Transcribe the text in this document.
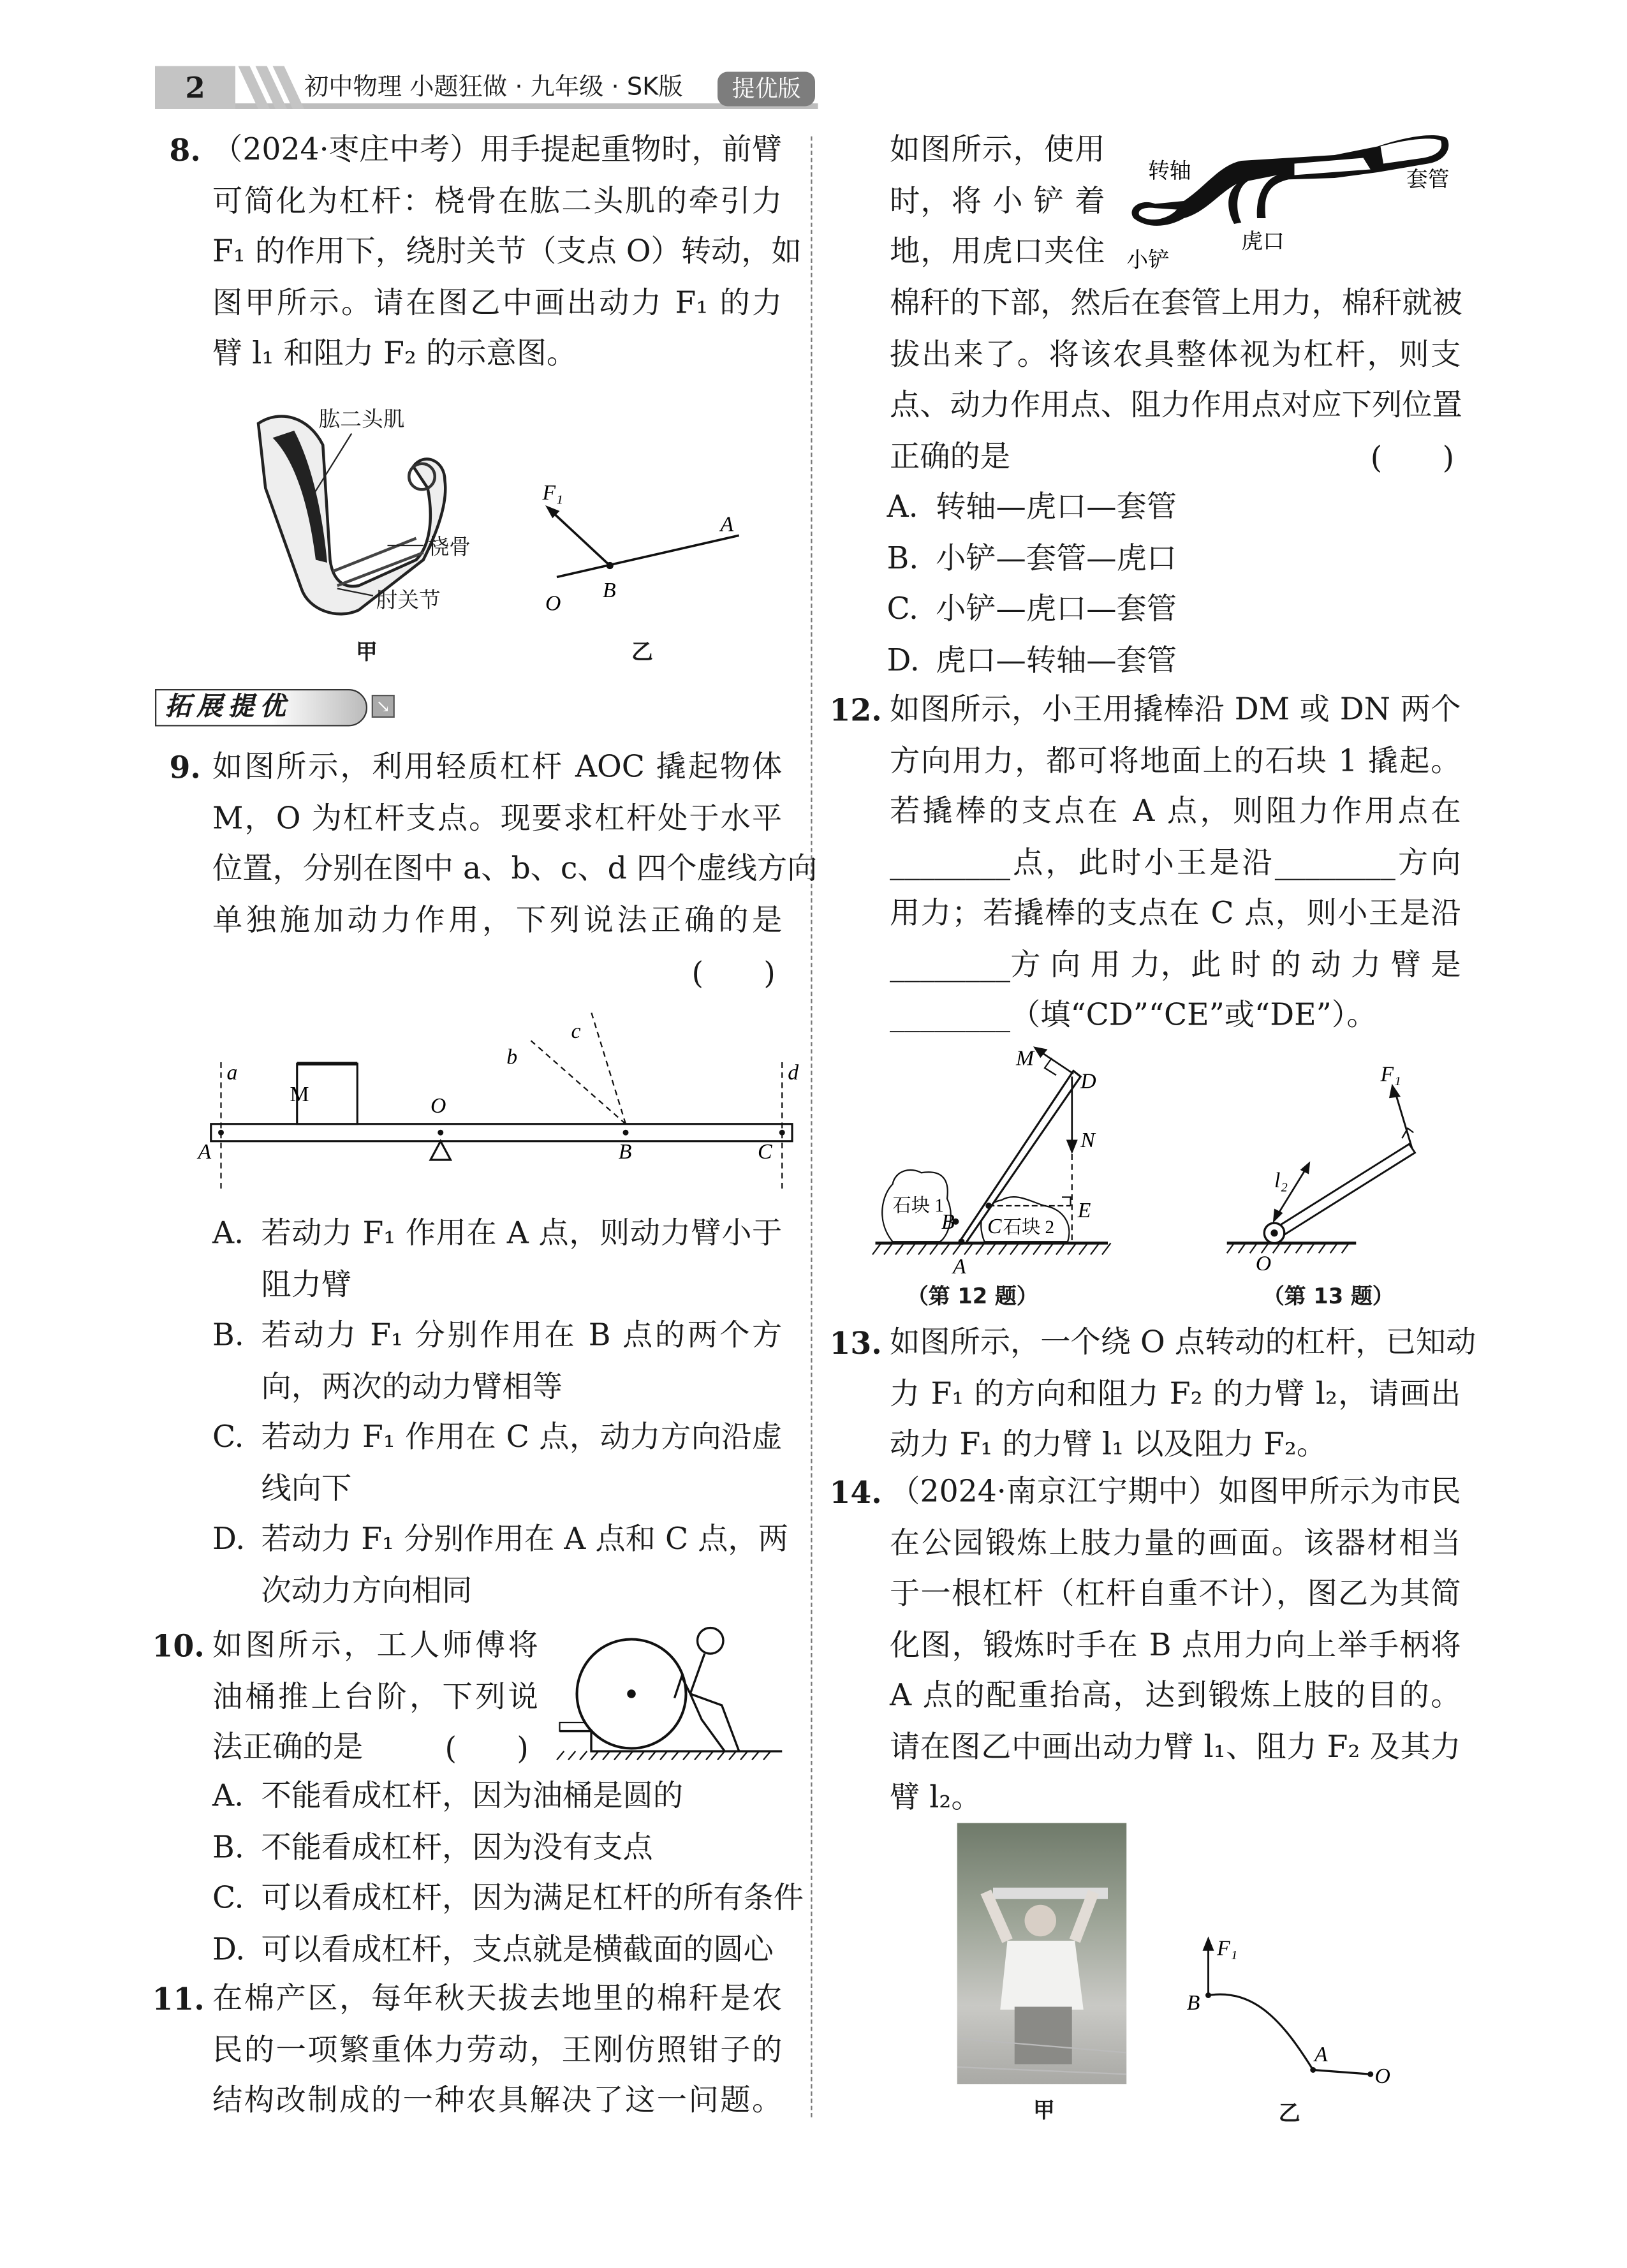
2	初中物理 小题狂做 · 九年级 · SK版	提优版
8. （2024·枣庄中考）用手提起重物时，前臂
可简化为杠杆：桡骨在肱二头肌的牵引力
F₁ 的作用下，绕肘关节（支点 O）转动，如
图甲所示。请在图乙中画出动力 F₁ 的力
臂 l₁ 和阻力 F₂ 的示意图。
肱二头肌
桡骨
肘关节
甲
F₁
A
B
O
乙
拓展提优	↘
9. 如图所示，利用轻质杠杆 AOC 撬起物体
M，O 为杠杆支点。现要求杠杆处于水平
位置，分别在图中 a、b、c、d 四个虚线方向
单独施加动力作用，下列说法正确的是
(　　)
M	O
A	B	C
a	d
b
c
A. 若动力 F₁ 作用在 A 点，则动力臂小于
阻力臂
B. 若动力 F₁ 分别作用在 B 点的两个方
向，两次的动力臂相等
C. 若动力 F₁ 作用在 C 点，动力方向沿虚
线向下
D. 若动力 F₁ 分别作用在 A 点和 C 点，两
次动力方向相同
10. 如图所示，工人师傅将
油桶推上台阶，下列说
法正确的是	(　　)
A. 不能看成杠杆，因为油桶是圆的
B. 不能看成杠杆，因为没有支点
C. 可以看成杠杆，因为满足杠杆的所有条件
D. 可以看成杠杆，支点就是横截面的圆心
11. 在棉产区，每年秋天拔去地里的棉秆是农
民的一项繁重体力劳动，王刚仿照钳子的
结构改制成的一种农具解决了这一问题。
如图所示，使用
时，将 小 铲 着
地，用虎口夹住
棉秆的下部，然后在套管上用力，棉秆就被
拔出来了。将该农具整体视为杠杆，则支
点、动力作用点、阻力作用点对应下列位置
正确的是	(　　)
转轴	套管
虎口
小铲
A. 转轴—虎口—套管
B. 小铲—套管—虎口
C. 小铲—虎口—套管
D. 虎口—转轴—套管
12. 如图所示，小王用撬棒沿 DM 或 DN 两个
方向用力，都可将地面上的石块 1 撬起。
若撬棒的支点在 A 点，则阻力作用点在
________点，此时小王是沿________方向
用力；若撬棒的支点在 C 点，则小王是沿
________方 向 用 力，此 时 的 动 力 臂 是
________（填“CD”“CE”或“DE”）。
M
D
N
E
A
B	C
石块 1
石块 2
（第 12 题）
F₁
l₂
O
（第 13 题）
13. 如图所示，一个绕 O 点转动的杠杆，已知动
力 F₁ 的方向和阻力 F₂ 的力臂 l₂，请画出
动力 F₁ 的力臂 l₁ 以及阻力 F₂。
14. （2024·南京江宁期中）如图甲所示为市民
在公园锻炼上肢力量的画面。该器材相当
于一根杠杆（杠杆自重不计），图乙为其简
化图，锻炼时手在 B 点用力向上举手柄将
A 点的配重抬高，达到锻炼上肢的目的。
请在图乙中画出动力臂 l₁、阻力 F₂ 及其力
臂 l₂。
甲
F₁
B
A
O
乙
